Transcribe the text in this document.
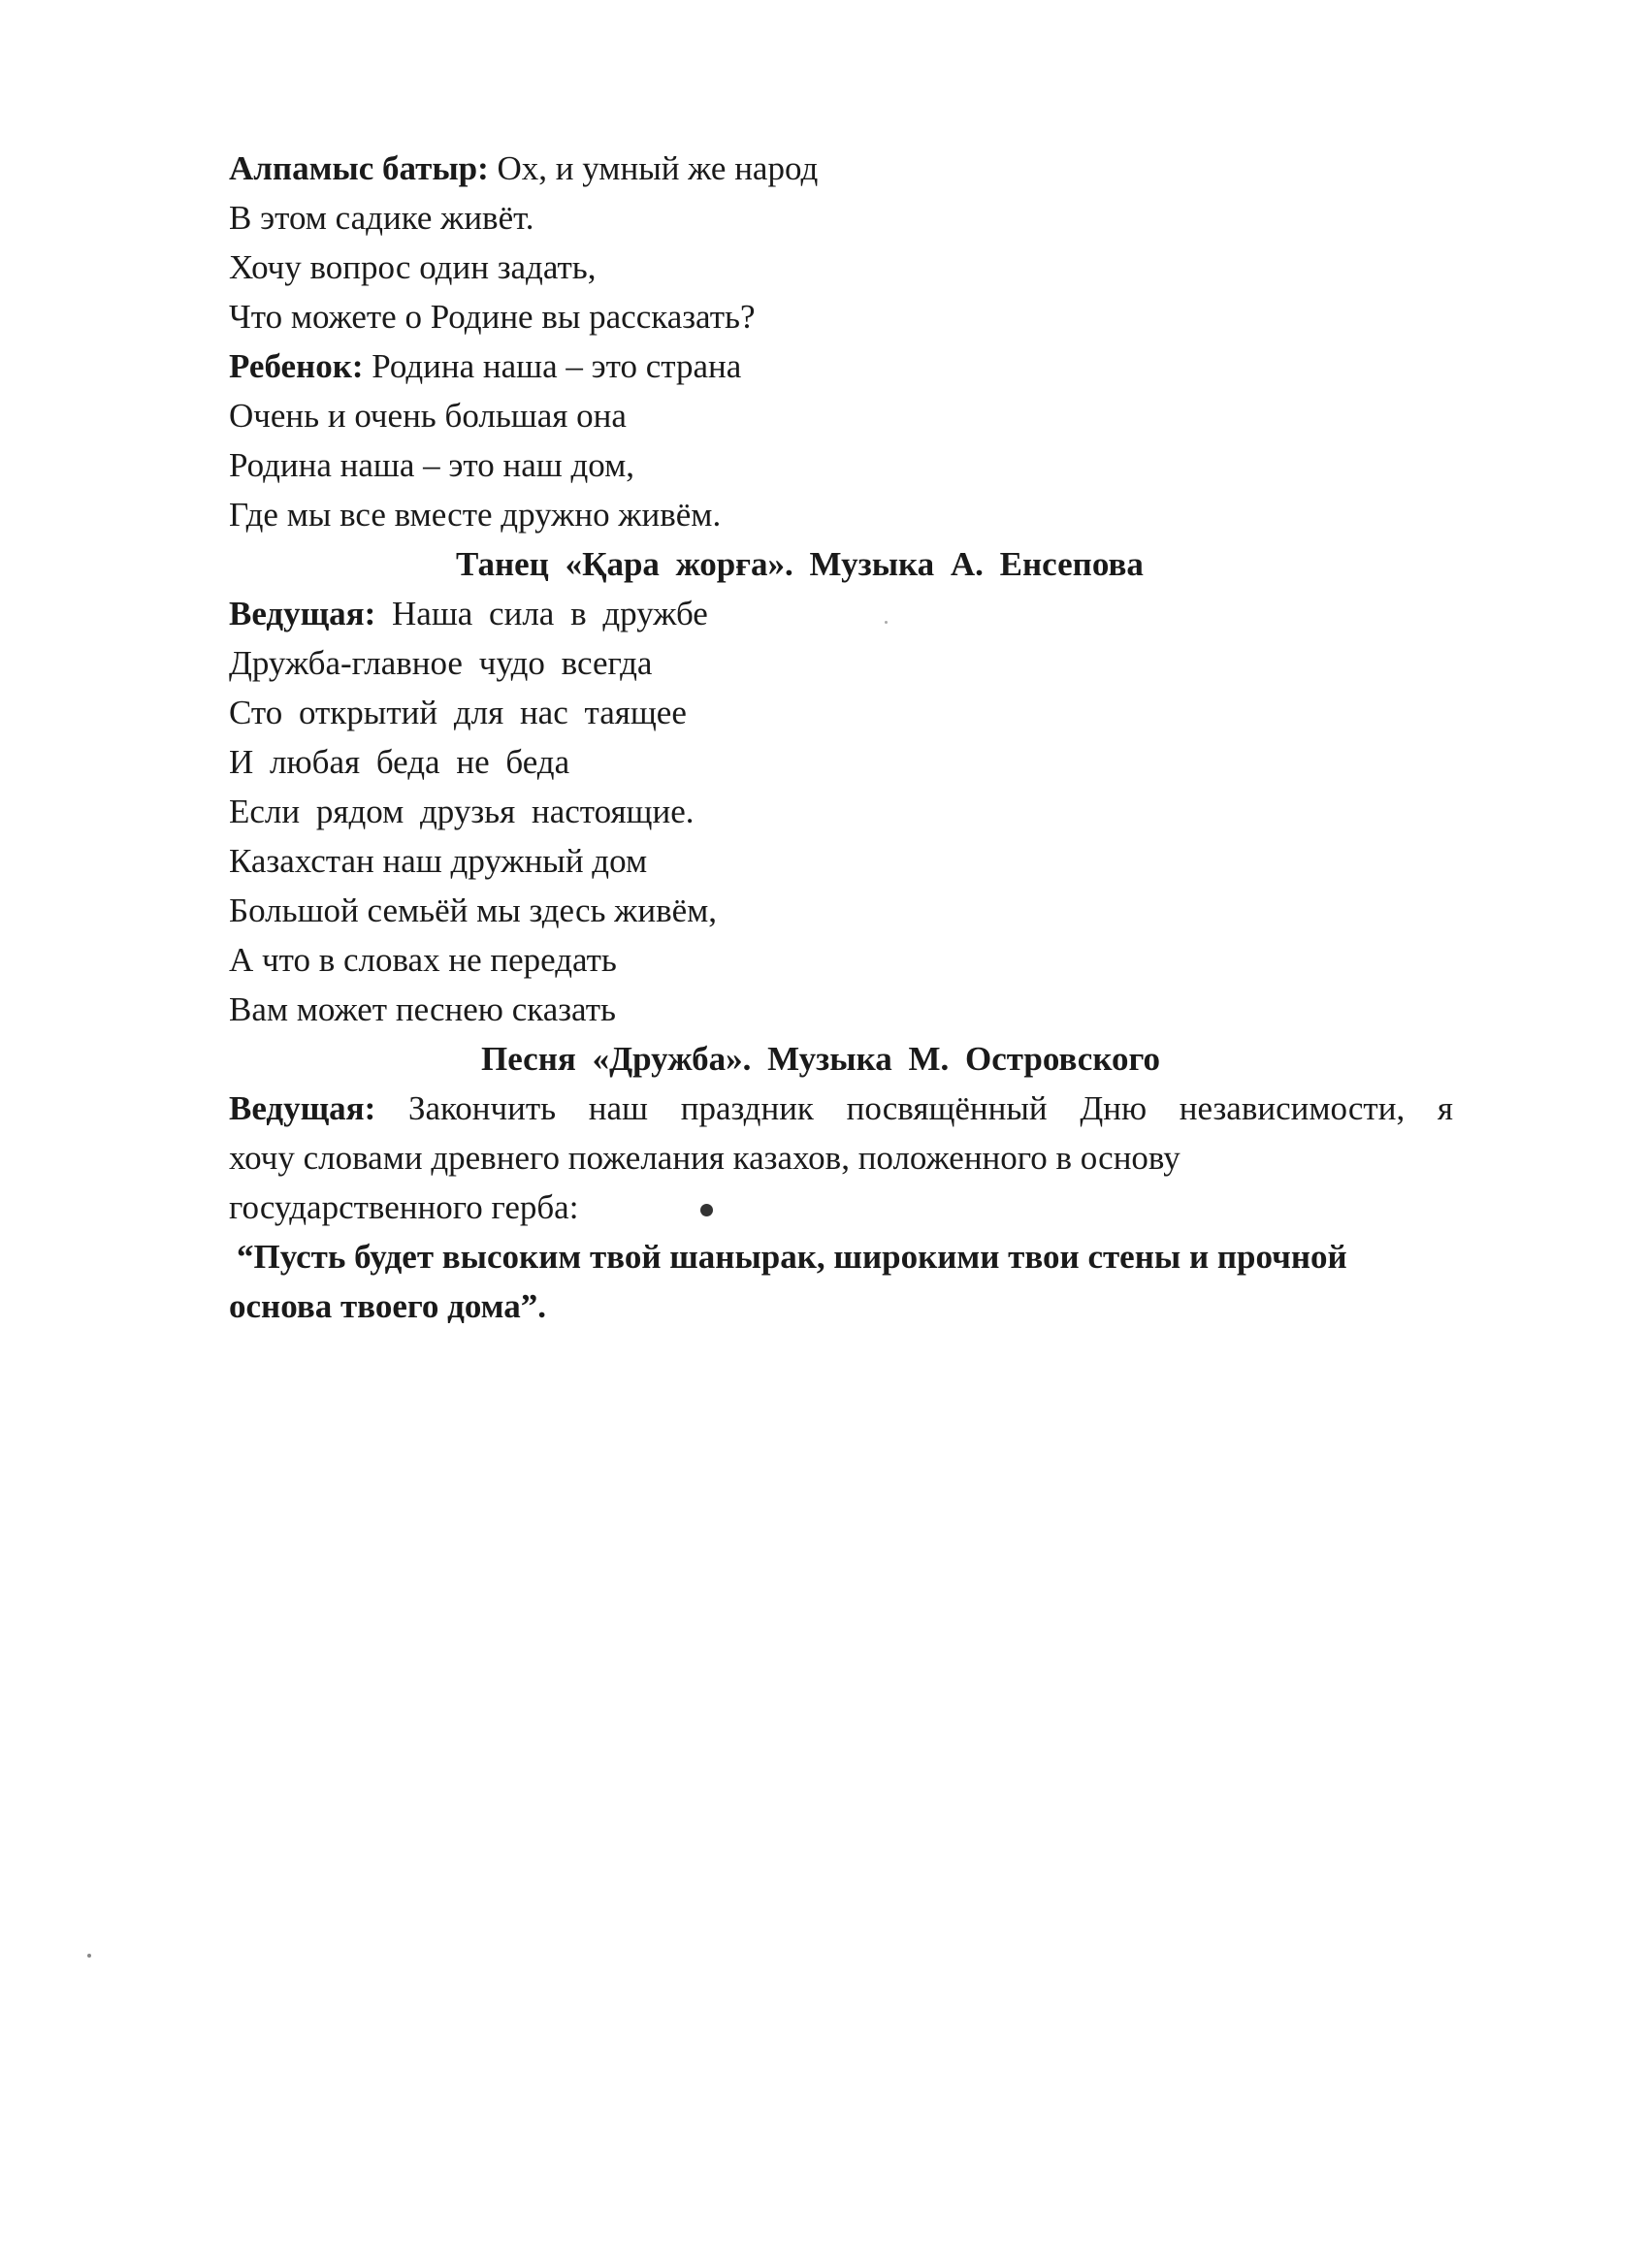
Алпамыс батыр: Ох, и умный же народ
В этом садике живёт.
Хочу вопрос один задать,
Что можете о Родине вы рассказать?
Ребенок: Родина наша – это страна
Очень и очень большая она
Родина наша – это наш дом,
Где мы все вместе дружно живём.
Танец «Қара жорға». Музыка А. Енсепова
Ведущая: Наша сила в дружбе
Дружба-главное чудо всегда
Сто открытий для нас таящее
И любая беда не беда
Если рядом друзья настоящие.
Казахстан наш дружный дом
Большой семьёй мы здесь живём,
А что в словах не передать
Вам может песнею сказать
Песня «Дружба». Музыка М. Островского
Ведущая: Закончить наш праздник посвящённый Дню независимости, я
хочу словами древнего пожелания казахов, положенного в основу
государственного герба:
“Пусть будет высоким твой шанырак, широкими твои стены и прочной
основа твоего дома”.
